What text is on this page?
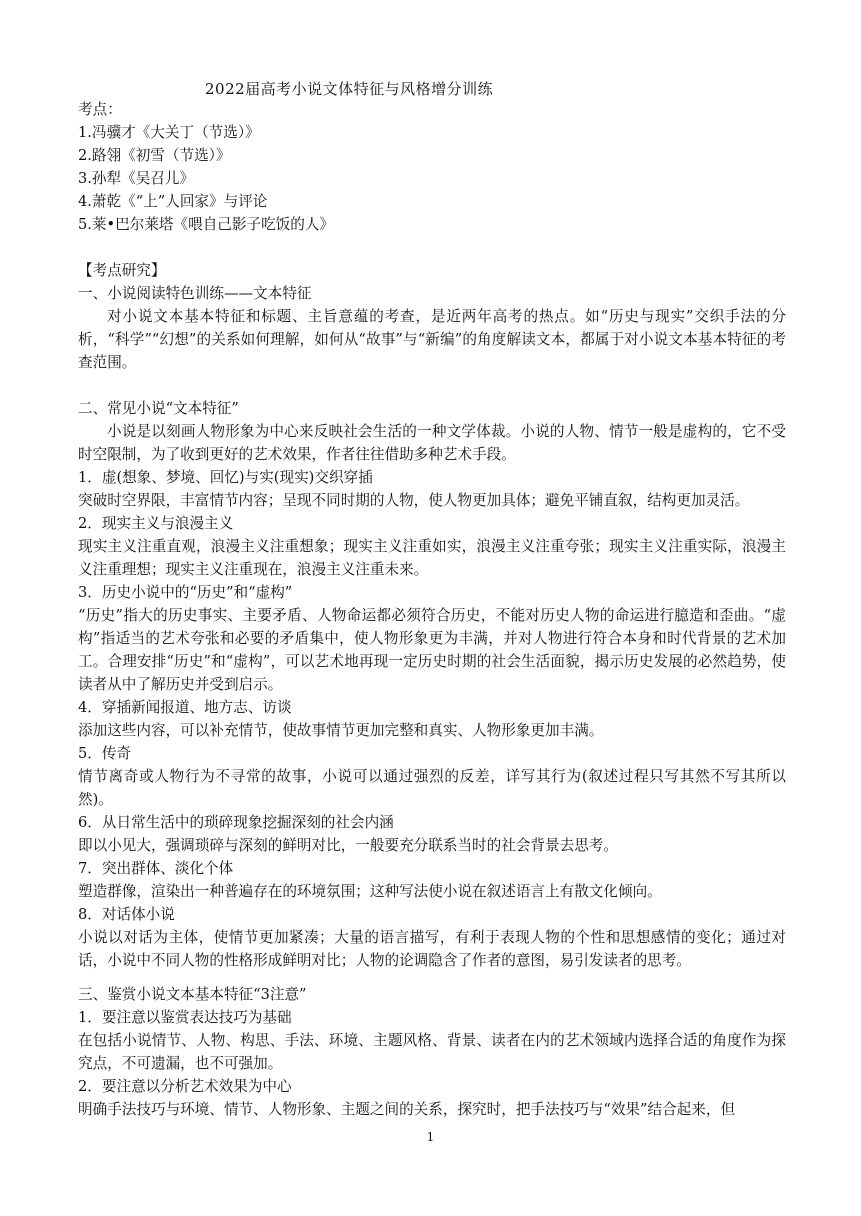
2022届高考小说文体特征与风格增分训练
考点：
1.冯骥才《大关丁（节选）》
2.路翎《初雪（节选）》
3.孙犁《吴召儿》
4.萧乾《“上”人回家》与评论
5.莱•巴尔莱塔《喂自己影子吃饭的人》
【考点研究】
一、小说阅读特色训练——文本特征
对小说文本基本特征和标题、主旨意蕴的考查，是近两年高考的热点。如“历史与现实”交织手法的分析，“科学”“幻想”的关系如何理解，如何从“故事”与“新编”的角度解读文本，都属于对小说文本基本特征的考查范围。
二、常见小说“文本特征”
小说是以刻画人物形象为中心来反映社会生活的一种文学体裁。小说的人物、情节一般是虚构的，它不受时空限制，为了收到更好的艺术效果，作者往往借助多种艺术手段。
1．虚(想象、梦境、回忆)与实(现实)交织穿插
突破时空界限，丰富情节内容；呈现不同时期的人物，使人物更加具体；避免平铺直叙，结构更加灵活。
2．现实主义与浪漫主义
现实主义注重直观，浪漫主义注重想象；现实主义注重如实，浪漫主义注重夸张；现实主义注重实际，浪漫主义注重理想；现实主义注重现在，浪漫主义注重未来。
3．历史小说中的“历史”和“虚构”
“历史”指大的历史事实、主要矛盾、人物命运都必须符合历史，不能对历史人物的命运进行臆造和歪曲。“虚构”指适当的艺术夸张和必要的矛盾集中，使人物形象更为丰满，并对人物进行符合本身和时代背景的艺术加工。合理安排“历史”和“虚构”，可以艺术地再现一定历史时期的社会生活面貌，揭示历史发展的必然趋势，使读者从中了解历史并受到启示。
4．穿插新闻报道、地方志、访谈
添加这些内容，可以补充情节，使故事情节更加完整和真实、人物形象更加丰满。
5．传奇
情节离奇或人物行为不寻常的故事，小说可以通过强烈的反差，详写其行为(叙述过程只写其然不写其所以然)。
6．从日常生活中的琐碎现象挖掘深刻的社会内涵
即以小见大，强调琐碎与深刻的鲜明对比，一般要充分联系当时的社会背景去思考。
7．突出群体、淡化个体
塑造群像，渲染出一种普遍存在的环境氛围；这种写法使小说在叙述语言上有散文化倾向。
8．对话体小说
小说以对话为主体，使情节更加紧凑；大量的语言描写，有利于表现人物的个性和思想感情的变化；通过对话，小说中不同人物的性格形成鲜明对比；人物的论调隐含了作者的意图，易引发读者的思考。
三、鉴赏小说文本基本特征“3注意”
1．要注意以鉴赏表达技巧为基础
在包括小说情节、人物、构思、手法、环境、主题风格、背景、读者在内的艺术领域内选择合适的角度作为探究点，不可遗漏，也不可强加。
2．要注意以分析艺术效果为中心
明确手法技巧与环境、情节、人物形象、主题之间的关系，探究时，把手法技巧与“效果”结合起来，但
1
